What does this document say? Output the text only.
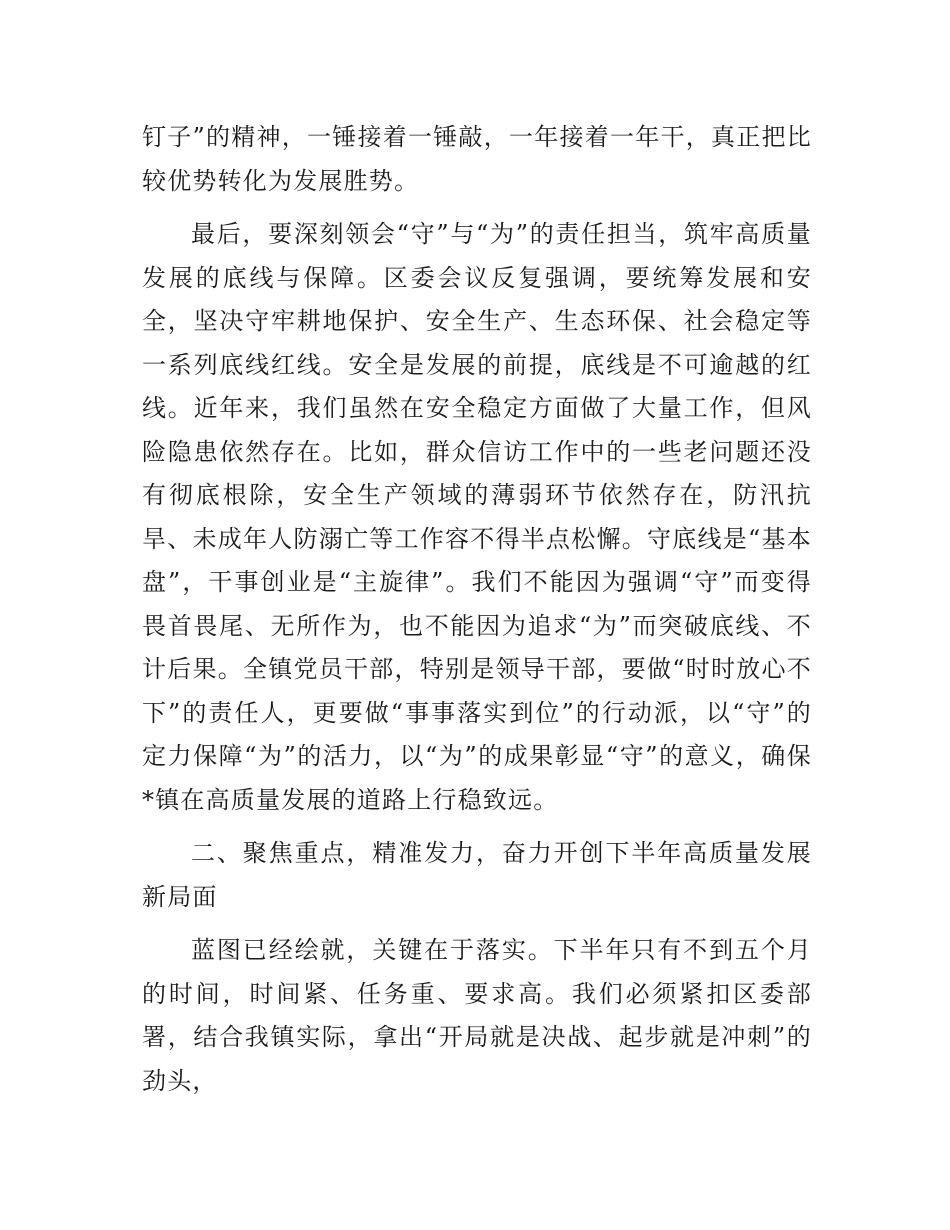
钉子”的精神，一锤接着一锤敲，一年接着一年干，真正把比较优势转化为发展胜势。

最后，要深刻领会“守”与“为”的责任担当，筑牢高质量发展的底线与保障。区委会议反复强调，要统筹发展和安全，坚决守牢耕地保护、安全生产、生态环保、社会稳定等一系列底线红线。安全是发展的前提，底线是不可逾越的红线。近年来，我们虽然在安全稳定方面做了大量工作，但风险隐患依然存在。比如，群众信访工作中的一些老问题还没有彻底根除，安全生产领域的薄弱环节依然存在，防汛抗旱、未成年人防溺亡等工作容不得半点松懈。守底线是“基本盘”，干事创业是“主旋律”。我们不能因为强调“守”而变得畏首畏尾、无所作为，也不能因为追求“为”而突破底线、不计后果。全镇党员干部，特别是领导干部，要做“时时放心不下”的责任人，更要做“事事落实到位”的行动派，以“守”的定力保障“为”的活力，以“为”的成果彰显“守”的意义，确保*镇在高质量发展的道路上行稳致远。

二、聚焦重点，精准发力，奋力开创下半年高质量发展新局面

蓝图已经绘就，关键在于落实。下半年只有不到五个月的时间，时间紧、任务重、要求高。我们必须紧扣区委部署，结合我镇实际，拿出“开局就是决战、起步就是冲刺”的劲头，
